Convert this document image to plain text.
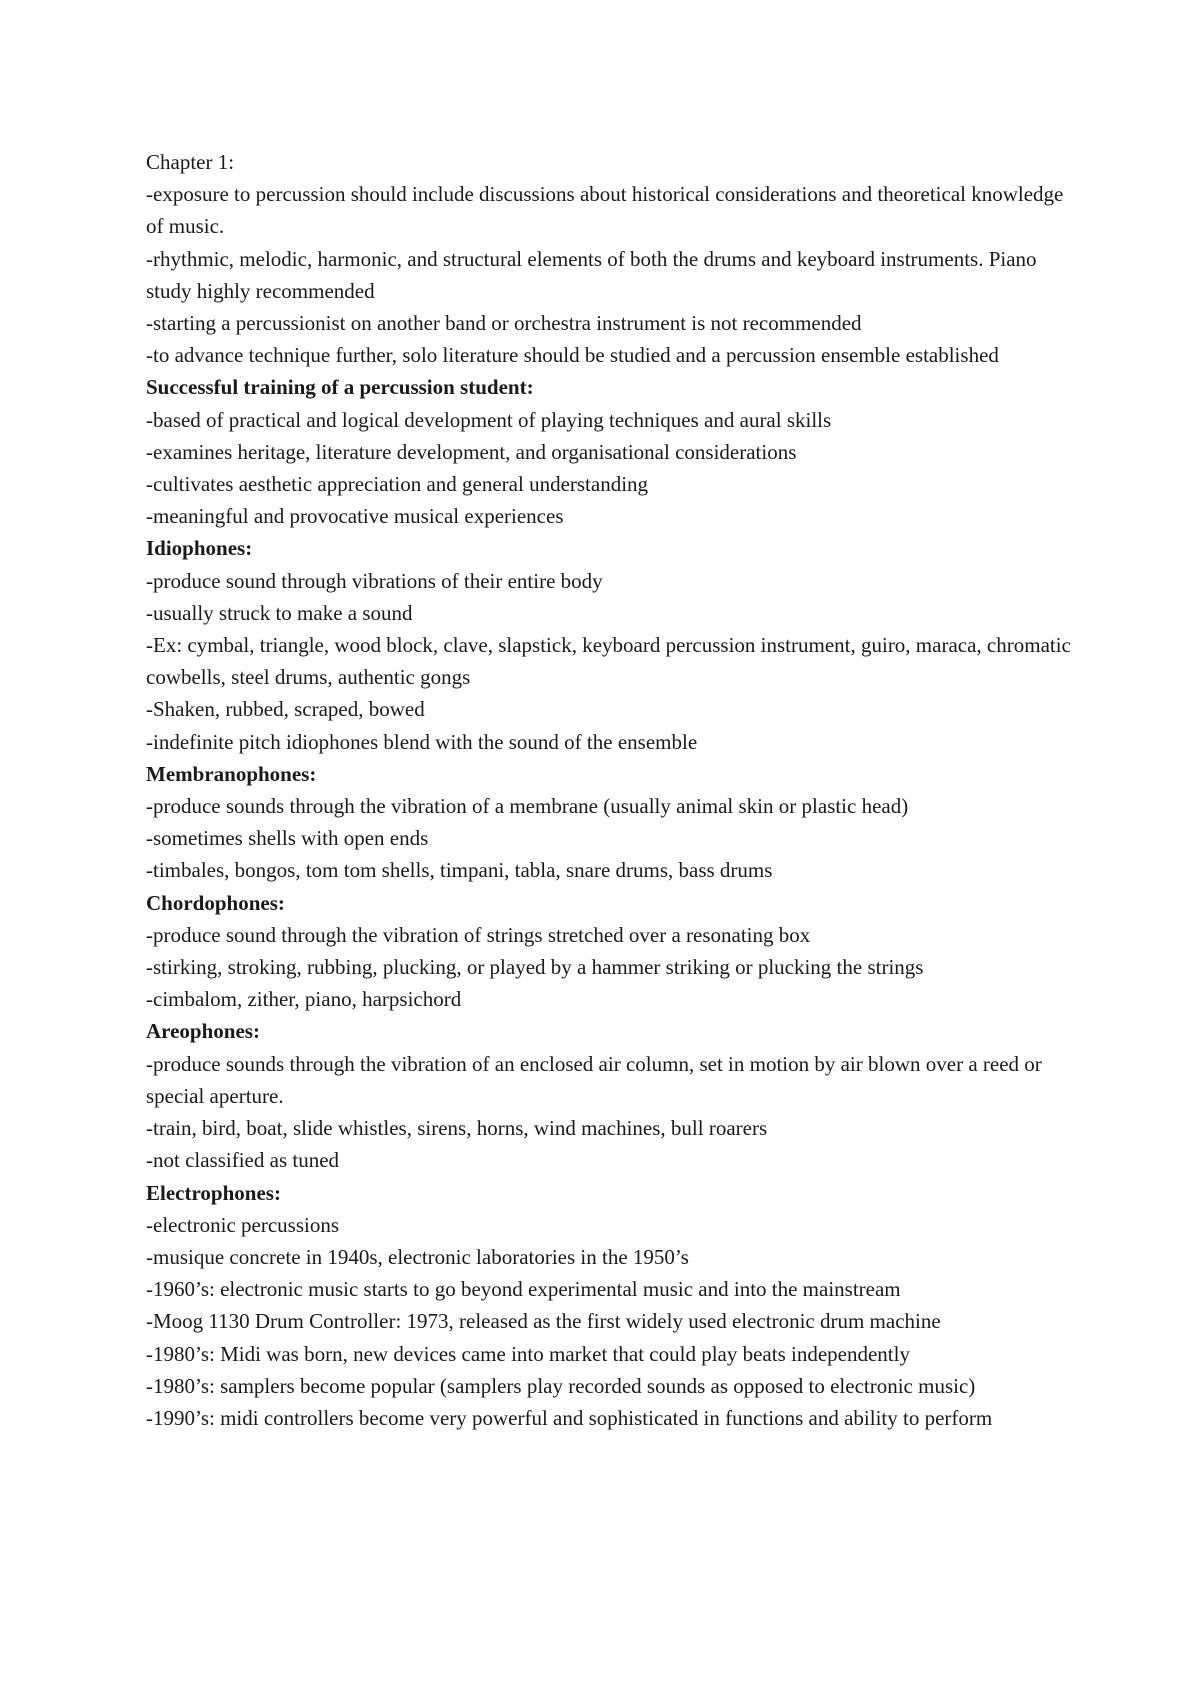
Chapter 1:

-exposure to percussion should include discussions about historical considerations and theoretical knowledge of music.

-rhythmic, melodic, harmonic, and structural elements of both the drums and keyboard instruments. Piano study highly recommended

-starting a percussionist on another band or orchestra instrument is not recommended

-to advance technique further, solo literature should be studied and a percussion ensemble established

Successful training of a percussion student:

-based of practical and logical development of playing techniques and aural skills

-examines heritage, literature development, and organisational considerations

-cultivates aesthetic appreciation and general understanding

-meaningful and provocative musical experiences

Idiophones:

-produce sound through vibrations of their entire body

-usually struck to make a sound

-Ex: cymbal, triangle, wood block, clave, slapstick, keyboard percussion instrument, guiro, maraca, chromatic cowbells, steel drums, authentic gongs

-Shaken, rubbed, scraped, bowed

-indefinite pitch idiophones blend with the sound of the ensemble

Membranophones:

-produce sounds through the vibration of a membrane (usually animal skin or plastic head)

-sometimes shells with open ends

-timbales, bongos, tom tom shells, timpani, tabla, snare drums, bass drums

Chordophones:

-produce sound through the vibration of strings stretched over a resonating box

-stirking, stroking, rubbing, plucking, or played by a hammer striking or plucking the strings

-cimbalom, zither, piano, harpsichord

Areophones:

-produce sounds through the vibration of an enclosed air column, set in motion by air blown over a reed or special aperture.

-train, bird, boat, slide whistles, sirens, horns, wind machines, bull roarers

-not classified as tuned

Electrophones:

-electronic percussions

-musique concrete in 1940s, electronic laboratories in the 1950’s

-1960’s: electronic music starts to go beyond experimental music and into the mainstream

-Moog 1130 Drum Controller: 1973, released as the first widely used electronic drum machine

-1980’s: Midi was born, new devices came into market that could play beats independently

-1980’s: samplers become popular (samplers play recorded sounds as opposed to electronic music)

-1990’s: midi controllers become very powerful and sophisticated in functions and ability to perform
